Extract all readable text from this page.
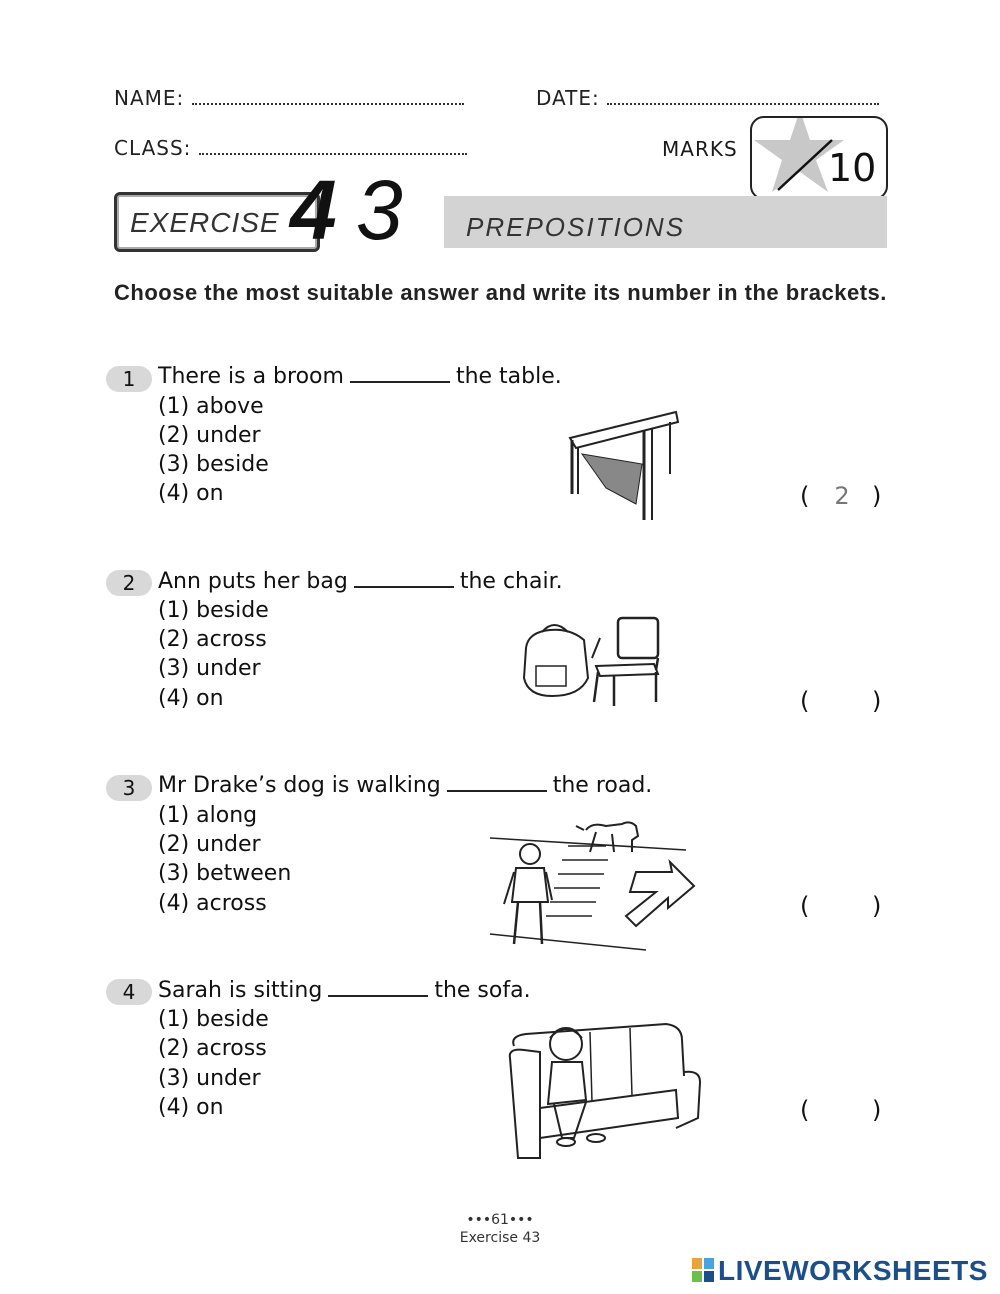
NAME:	DATE:
CLASS:	MARKS 10
EXERCISE 4 3 PREPOSITIONS
Choose the most suitable answer and write its number in the brackets.
1	There is a broom	the table.
(1) above
(2) under
(3) beside
(4) on	(	2 )
2	Ann puts her bag	the chair.
(1) beside
(2) across
(3) under
(4) on	(	)
3	Mr Drake’s dog is walking	the road.
(1) along
(2) under
(3) between
(4) across	(	)
4	Sarah is sitting	the sofa.
(1) beside
(2) across
(3) under
(4) on	(	)
•••61•••
Exercise 43
LIVEWORKSHEETS
